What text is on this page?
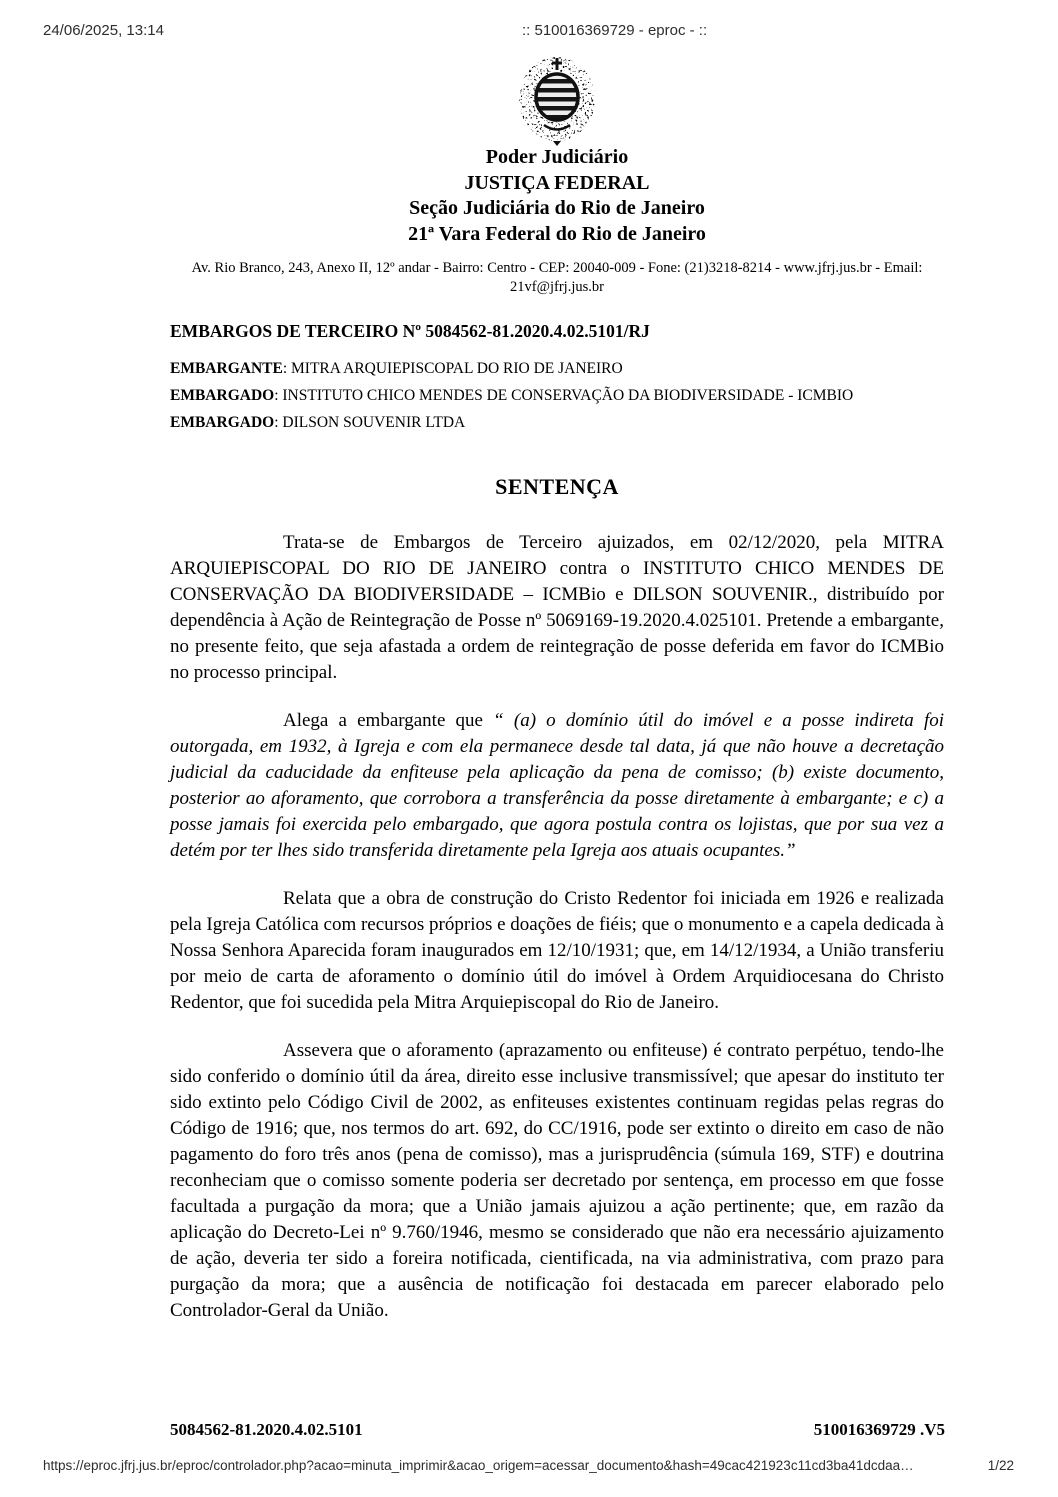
24/06/2025, 13:14	:: 510016369729 - eproc - ::
Poder Judiciário
JUSTIÇA FEDERAL
Seção Judiciária do Rio de Janeiro
21ª Vara Federal do Rio de Janeiro
Av. Rio Branco, 243, Anexo II, 12º andar - Bairro: Centro - CEP: 20040-009 - Fone: (21)3218-8214 - www.jfrj.jus.br - Email: 21vf@jfrj.jus.br
EMBARGOS DE TERCEIRO Nº 5084562-81.2020.4.02.5101/RJ
EMBARGANTE: MITRA ARQUIEPISCOPAL DO RIO DE JANEIRO
EMBARGADO: INSTITUTO CHICO MENDES DE CONSERVAÇÃO DA BIODIVERSIDADE - ICMBIO
EMBARGADO: DILSON SOUVENIR LTDA
SENTENÇA

Trata-se de Embargos de Terceiro ajuizados, em 02/12/2020, pela MITRA ARQUIEPISCOPAL DO RIO DE JANEIRO contra o INSTITUTO CHICO MENDES DE CONSERVAÇÃO DA BIODIVERSIDADE – ICMBio e DILSON SOUVENIR., distribuído por dependência à Ação de Reintegração de Posse nº 5069169-19.2020.4.025101. Pretende a embargante, no presente feito, que seja afastada a ordem de reintegração de posse deferida em favor do ICMBio no processo principal.

Alega a embargante que “ (a) o domínio útil do imóvel e a posse indireta foi outorgada, em 1932, à Igreja e com ela permanece desde tal data, já que não houve a decretação judicial da caducidade da enfiteuse pela aplicação da pena de comisso; (b) existe documento, posterior ao aforamento, que corrobora a transferência da posse diretamente à embargante; e c) a posse jamais foi exercida pelo embargado, que agora postula contra os lojistas, que por sua vez a detém por ter lhes sido transferida diretamente pela Igreja aos atuais ocupantes.”

Relata que a obra de construção do Cristo Redentor foi iniciada em 1926 e realizada pela Igreja Católica com recursos próprios e doações de fiéis; que o monumento e a capela dedicada à Nossa Senhora Aparecida foram inaugurados em 12/10/1931; que, em 14/12/1934, a União transferiu por meio de carta de aforamento o domínio útil do imóvel à Ordem Arquidiocesana do Christo Redentor, que foi sucedida pela Mitra Arquiepiscopal do Rio de Janeiro.

Assevera que o aforamento (aprazamento ou enfiteuse) é contrato perpétuo, tendo-lhe sido conferido o domínio útil da área, direito esse inclusive transmissível; que apesar do instituto ter sido extinto pelo Código Civil de 2002, as enfiteuses existentes continuam regidas pelas regras do Código de 1916; que, nos termos do art. 692, do CC/1916, pode ser extinto o direito em caso de não pagamento do foro três anos (pena de comisso), mas a jurisprudência (súmula 169, STF) e doutrina reconheciam que o comisso somente poderia ser decretado por sentença, em processo em que fosse facultada a purgação da mora; que a União jamais ajuizou a ação pertinente; que, em razão da aplicação do Decreto-Lei nº 9.760/1946, mesmo se considerado que não era necessário ajuizamento de ação, deveria ter sido a foreira notificada, cientificada, na via administrativa, com prazo para purgação da mora; que a ausência de notificação foi destacada em parecer elaborado pelo Controlador-Geral da União.

5084562-81.2020.4.02.5101	510016369729 .V5
https://eproc.jfrj.jus.br/eproc/controlador.php?acao=minuta_imprimir&acao_origem=acessar_documento&hash=49cac421923c11cd3ba41dcdaa…	1/22
